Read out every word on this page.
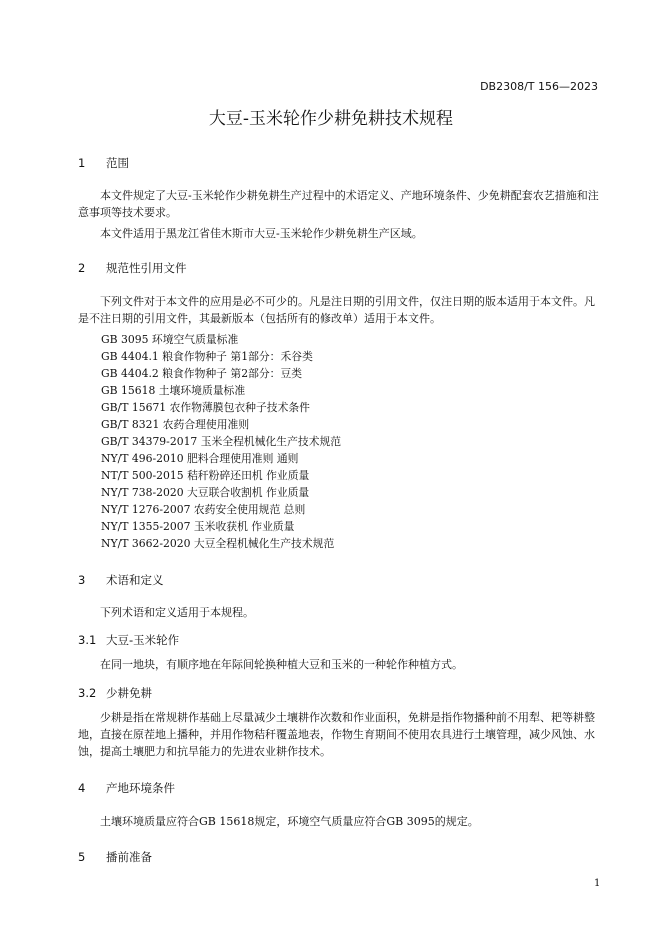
DB2308/T 156—2023
大豆-玉米轮作少耕免耕技术规程
1 范围
本文件规定了大豆-玉米轮作少耕免耕生产过程中的术语定义、产地环境条件、少免耕配套农艺措施和注意事项等技术要求。
本文件适用于黑龙江省佳木斯市大豆-玉米轮作少耕免耕生产区域。
2 规范性引用文件
下列文件对于本文件的应用是必不可少的。凡是注日期的引用文件，仅注日期的版本适用于本文件。凡是不注日期的引用文件，其最新版本（包括所有的修改单）适用于本文件。
GB 3095 环境空气质量标准
GB 4404.1 粮食作物种子 第1部分：禾谷类
GB 4404.2 粮食作物种子 第2部分：豆类
GB 15618 土壤环境质量标准
GB/T 15671 农作物薄膜包衣种子技术条件
GB/T 8321 农药合理使用准则
GB/T 34379-2017 玉米全程机械化生产技术规范
NY/T 496-2010 肥料合理使用准则 通则
NT/T 500-2015 秸秆粉碎还田机 作业质量
NY/T 738-2020 大豆联合收割机 作业质量
NY/T 1276-2007 农药安全使用规范 总则
NY/T 1355-2007 玉米收获机 作业质量
NY/T 3662-2020 大豆全程机械化生产技术规范
3 术语和定义
下列术语和定义适用于本规程。
3.1 大豆-玉米轮作
在同一地块，有顺序地在年际间轮换种植大豆和玉米的一种轮作种植方式。
3.2 少耕免耕
少耕是指在常规耕作基础上尽量减少土壤耕作次数和作业面积，免耕是指作物播种前不用犁、耙等耕整地，直接在原茬地上播种，并用作物秸秆覆盖地表，作物生育期间不使用农具进行土壤管理，减少风蚀、水蚀，提高土壤肥力和抗旱能力的先进农业耕作技术。
4 产地环境条件
土壤环境质量应符合GB 15618规定，环境空气质量应符合GB 3095的规定。
5 播前准备
1
